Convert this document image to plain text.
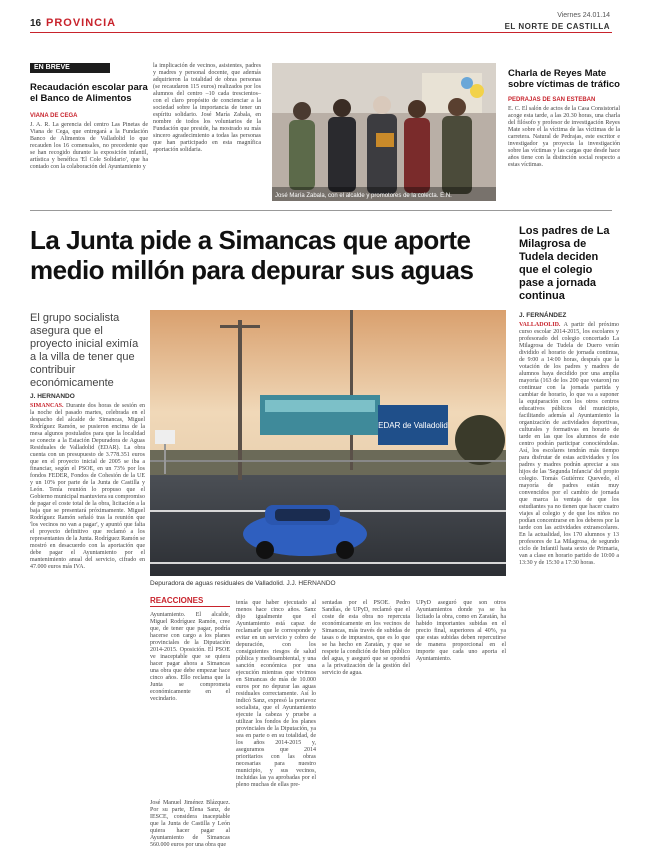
16 PROVINCIA
Viernes 24.01.14
EL NORTE DE CASTILLA
EN BREVE
Recaudación escolar para el Banco de Alimentos
VIANA DE CEGA
J. A. R. La gerencia del centro Las Pinetas de Viana de Cega, que entregará a la Fundación Banco de Alimentos de Valladolid lo que recauden los 16 comensales, no precedente que se han recogido durante la exposición infantil, artística y benéfica 'El Cole Solidario', que ha contado con la colaboración del Ayuntamiento y
la implicación de vecinos, asistentes, padres y madres y personal docente, que además adquirieron la totalidad de obras personas (se recaudaron 115 euros) realizados por los alumnos del centro –10 cada trescientos– con el claro propósito de concienciar a la sociedad sobre la importancia de tener un espíritu solidario. José María Zabala, en nombre de todos los voluntarios de la Fundación que preside, ha mostrado su más sincero agradecimiento a todas las personas que han participado en esta magnífica aportación solidaria.
José María Zabala, con el alcalde y promotores de la colecta. E.N.
Charla de Reyes Mate sobre víctimas de tráfico
PEDRAJAS DE SAN ESTEBAN
E. C. El salón de actos de la Casa Consistorial acoge esta tarde, a las 20.30 horas, una charla del filósofo y profesor de investigación Reyes Mate sobre el la víctima de las víctimas de la carretera. Natural de Pedrajas, este escritor e investigador ya proyecta la investigación sobre las víctimas y las cargas que desde hace años tiene con la distinción social respecto a estas víctimas.
La Junta pide a Simancas que aporte medio millón para depurar sus aguas
Los padres de La Milagrosa de Tudela deciden que el colegio pase a jornada continua
J. FERNÁNDEZ
VALLADOLID. A partir del próximo curso escolar 2014-2015, los escolares y profesorado del colegio concertado La Milagrosa de Tudela de Duero verán dividido el horario de jornada continua, de 9:00 a 14:00 horas, después que la votación de los padres y madres de alumnos haya decidido por una amplia mayoría (163 de los 200 que votaron) no continuar con la jornada partida y cambiar de horario, lo que va a suponer la equiparación con los otros centros educativos públicos del municipio, facilitando además al Ayuntamiento la organización de actividades deportivas, culturales y formativas en horario de tarde en las que los alumnos de este centro podrán participar conociéndolas. Así, los escolares tendrán más tiempo para disfrutar de estas actividades y los padres y madres podrán apreciar a sus hijos de las 'Segunda Infancia' del propio colegio. Tomás Gutiérrez Quevedo, el mayoría de padres están muy convencidos por el cambio de jornada que marca la ventaja de que los estudiantes ya no tienen que hacer cuatro viajes al colegio y de que los niños no podían concentrarse en los deberes por la tarde con las actividades extraescolares. En la actualidad, los 170 alumnos y 13 profesores de La Milagrosa, de segundo ciclo de Infantil hasta sexto de Primaria, van a clase en horario partido de 10:00 a 13:30 y de 15:30 a 17:30 horas.
El grupo socialista asegura que el proyecto inicial eximía a la villa de tener que contribuir económicamente
J. HERNANDO
SIMANCAS. Durante dos horas de sesión en la noche del pasado martes, celebrada en el despacho del alcalde de Simancas, Miguel Rodríguez Ramón, se pusieron encima de la mesa algunos postulados para que la localidad se conecte a la Estación Depuradora de Aguas Residuales de Valladolid (EDAR). La obra cuenta con un presupuesto de 3.778.351 euros que en el proyecto inicial de 2005 se iba a financiar, según el PSOE, en un 73% por los fondos FEDER, Fondos de Cohesión de la UE y un 10% por parte de la Junta de Castilla y León. Tenía reunión lo propuso que el Gobierno municipal mantuviera su compromiso de pagar el coste total de la obra, licitación a la baja que se presentará próximamente. Miguel Rodríguez Ramón señaló tras la reunión que 'los vecinos no van a pagar', y apuntó que falta el proyecto definitivo que reclamó a los representantes de la Junta. Rodríguez Ramón se mostró en desacuerdo con la aportación que debe pagar el Ayuntamiento por el mantenimiento anual del servicio, cifrado en 47.000 euros más IVA.
EDAR de Valladolid
Depuradora de aguas residuales de Valladolid. J.J. HERNANDO
REACCIONES
Ayuntamiento. El alcalde, Miguel Rodríguez Ramón, cree que, de tener que pagar, podría hacerse con cargo a los planes provinciales de la Diputación 2014-2015. Oposición. El PSOE ve inaceptable que se quiera hacer pagar ahora a Simancas una obra que debe empezar hace cinco años. Ello reclama que la Junta se comprometa económicamente en el vecindario.
tenía que haber ejecutado al menos hace cinco años. Sanz dijo igualmente que el Ayuntamiento está capaz de reclamarle que le corresponde y evitar en un servicio y cobro de depuración, con los consiguientes riesgos de salud pública y medioambiental, y una sanción económica por una ejecución mientras que vivimos en Simancas de más de 10.000 euros por no depurar las aguas residuales correctamente. Así lo indicó Sanz, expresó la portavoz socialista, que el Ayuntamiento ejecute la cabeza y pruebe a utilizar los fondos de los planes provinciales de la Diputación, ya sea en parte o en su totalidad, de los años 2014-2015 y, aseguramos que 2014 prioritarios con las obras necesarias para nuestro municipio, y sus vecinos, incluidas las ya aprobadas por el pleno muchas de ellas pre-
sentadas por el PSOE. Pedro Sandías, de UPyD, reclamó que el coste de esta obra no repercuta económicamente en los vecinos de Simancas, más través de subidas de tasas o de impuestos, que es lo que se ha hecho en Zaratán, y que se respete la condición de bien público del agua, y aseguró que se opondrá a la privatización de la gestión del servicio de agua.
UPyD aseguró que son otros Ayuntamientos donde ya se ha licitado la obra, como en Zaratán, ha habido importantes subidas en el precio final, superiores al 40%, ya que estas subidas deben repercutirse de manera proporcional en el importe que cada uno aporta el Ayuntamiento.
José Manuel Jiménez Blázquez. Por su parte, Elena Sanz, de IESCE, considera inaceptable que la Junta de Castilla y León quiera hacer pagar al Ayuntamiento de Simancas 560.000 euros por una obra que
